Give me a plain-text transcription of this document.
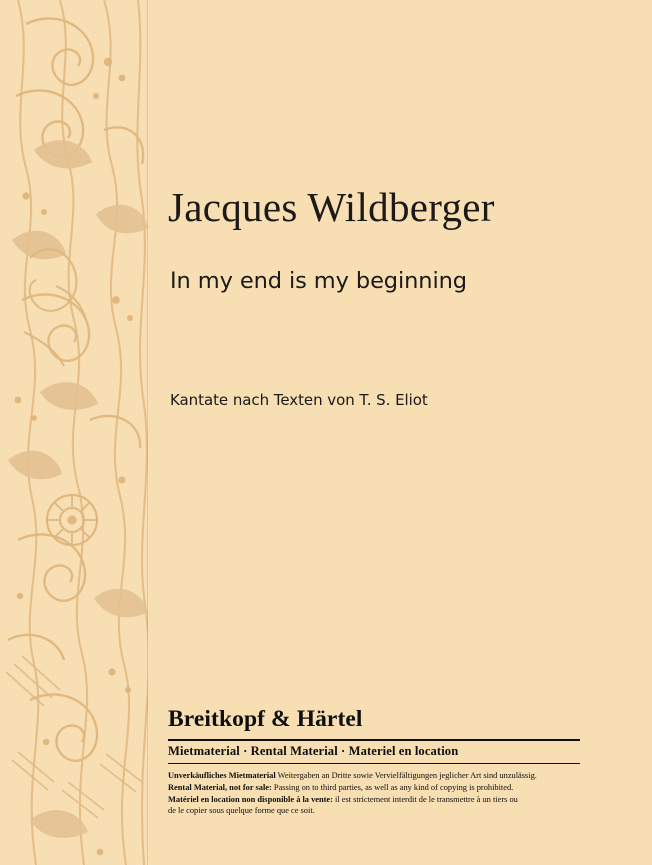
Jacques Wildberger
In my end is my beginning
Kantate nach Texten von T. S. Eliot
Breitkopf & Härtel
Mietmaterial · Rental Material · Materiel en location

Unverkäufliches Mietmaterial Weitergaben an Dritte sowie Vervielfältigungen jeglicher Art sind unzulässig.

Rental Material, not for sale: Passing on to third parties, as well as any kind of copying is prohibited.

Matériel en location non disponible à la vente: il est strictement interdit de le transmettre à un tiers ou

de le copier sous quelque forme que ce soit.
